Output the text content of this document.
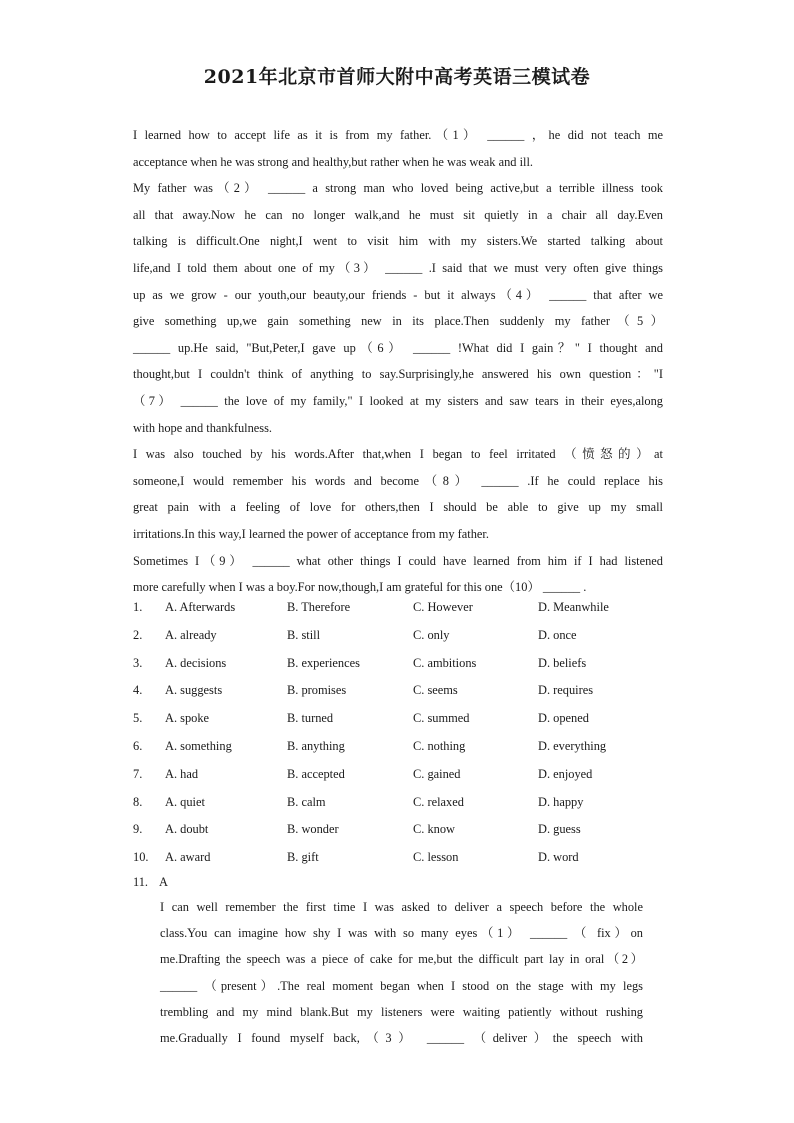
2021年北京市首师大附中高考英语三模试卷
I learned how to accept life as it is from my father.（1） ______ ，he did not teach me
acceptance when he was strong and healthy,but rather when he was weak and ill.
My father was（2） ______ a strong man who loved being active,but a terrible illness took
all that away.Now he can no longer walk,and he must sit quietly in a chair all day.Even
talking is difficult.One night,I went to visit him with my sisters.We started talking about
life,and I told them about one of my（3） ______ .I said that we must very often give things
up as we grow - our youth,our beauty,our friends - but it always（4） ______ that after we
give something up,we gain something new in its place.Then suddenly my father（5）
______ up.He said, "But,Peter,I gave up（6） ______ !What did I gain？" I thought and
thought,but I couldn't think of anything to say.Surprisingly,he answered his own question："I
（7） ______ the love of my family," I looked at my sisters and saw tears in their eyes,along
with hope and thankfulness.
I was also touched by his words.After that,when I began to feel irritated （愤怒的）at
someone,I would remember his words and become（8） ______ .If he could replace his
great pain with a feeling of love for others,then I should be able to give up my small
irritations.In this way,I learned the power of acceptance from my father.
Sometimes I（9） ______ what other things I could have learned from him if I had listened
more carefully when I was a boy.For now,though,I am grateful for this one（10） ______ .
1. A. Afterwards	B. Therefore	C. However	D. Meanwhile
2. A. already	B. still	C. only	D. once
3. A. decisions	B. experiences	C. ambitions	D. beliefs
4. A. suggests	B. promises	C. seems	D. requires
5. A. spoke	B. turned	C. summed	D. opened
6. A. something	B. anything	C. nothing	D. everything
7. A. had	B. accepted	C. gained	D. enjoyed
8. A. quiet	B. calm	C. relaxed	D. happy
9. A. doubt	B. wonder	C. know	D. guess
10. A. award	B. gift	C. lesson	D. word
11. A
I can well remember the first time I was asked to deliver a speech before the whole
class.You can imagine how shy I was with so many eyes（1） ______ （ fix）on
me.Drafting the speech was a piece of cake for me,but the difficult part lay in oral（2）
______ （present）.The real moment began when I stood on the stage with my legs
trembling and my mind blank.But my listeners were waiting patiently without rushing
me.Gradually I found myself back,（3） ______ （deliver）the speech with
